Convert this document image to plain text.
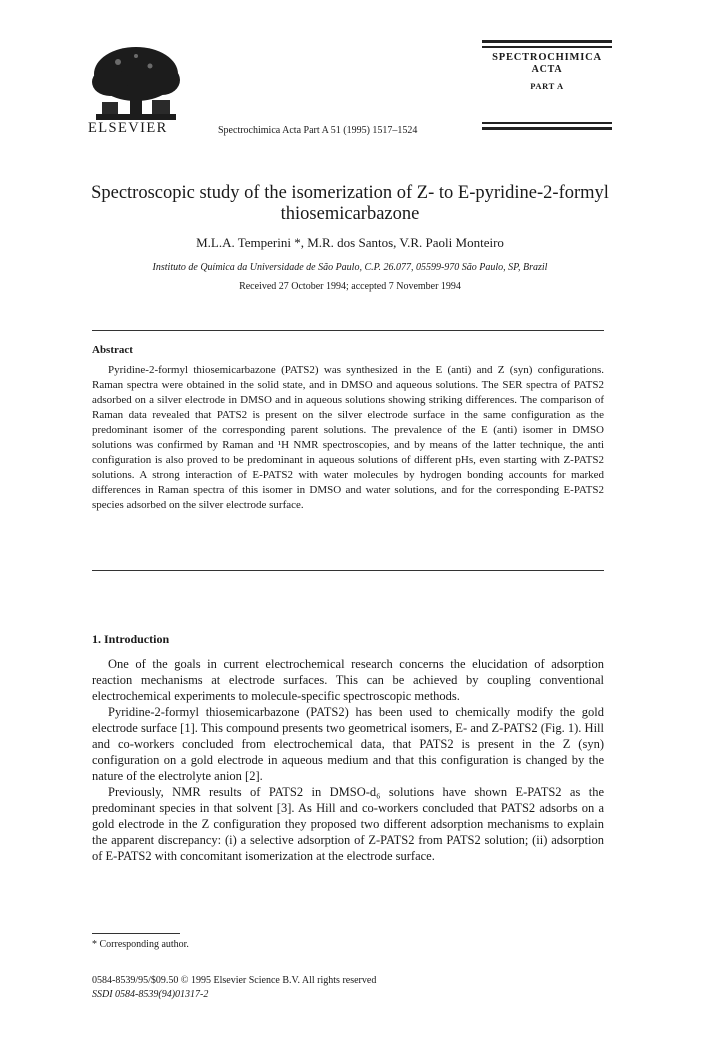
ELSEVIER	Spectrochimica Acta Part A 51 (1995) 1517–1524
SPECTROCHIMICA
ACTA
PART A
Spectroscopic study of the isomerization of Z- to E-pyridine-2-formyl
thiosemicarbazone
M.L.A. Temperini *, M.R. dos Santos, V.R. Paoli Monteiro
Instituto de Química da Universidade de São Paulo, C.P. 26.077, 05599-970 São Paulo, SP, Brazil
Received 27 October 1994; accepted 7 November 1994
Abstract
Pyridine-2-formyl thiosemicarbazone (PATS2) was synthesized in the E (anti) and Z (syn) configurations. Raman spectra were obtained in the solid state, and in DMSO and aqueous solutions. The SER spectra of PATS2 adsorbed on a silver electrode in DMSO and in aqueous solutions showing striking differences. The comparison of Raman data revealed that PATS2 is present on the silver electrode surface in the same configuration as the predominant isomer of the corresponding parent solutions. The prevalence of the E (anti) isomer in DMSO solutions was confirmed by Raman and ¹H NMR spectroscopies, and by means of the latter technique, the anti configuration is also proved to be predominant in aqueous solutions of different pHs, even starting with Z-PATS2 solutions. A strong interaction of E-PATS2 with water molecules by hydrogen bonding accounts for marked differences in Raman spectra of this isomer in DMSO and water solutions, and for the corresponding E-PATS2 species adsorbed on the silver electrode surface.
1. Introduction

One of the goals in current electrochemical research concerns the elucidation of adsorption reaction mechanisms at electrode surfaces. This can be achieved by coupling conventional electrochemical experiments to molecule-specific spectroscopic methods.

Pyridine-2-formyl thiosemicarbazone (PATS2) has been used to chemically modify the gold electrode surface [1]. This compound presents two geometrical isomers, E- and Z-PATS2 (Fig. 1). Hill and co-workers concluded from electrochemical data, that PATS2 is present in the Z (syn) configuration on a gold electrode in aqueous medium and that this configuration is changed by the nature of the electrolyte anion [2].

Previously, NMR results of PATS2 in DMSO-d₆ solutions have shown E-PATS2 as the predominant species in that solvent [3]. As Hill and co-workers concluded that PATS2 adsorbs on a gold electrode in the Z configuration they proposed two different adsorption mechanisms to explain the apparent discrepancy: (i) a selective adsorption of Z-PATS2 from PATS2 solution; (ii) adsorption of E-PATS2 with concomitant isomerization at the electrode surface.

* Corresponding author.
0584-8539/95/$09.50 © 1995 Elsevier Science B.V. All rights reserved
SSDI 0584-8539(94)01317-2
